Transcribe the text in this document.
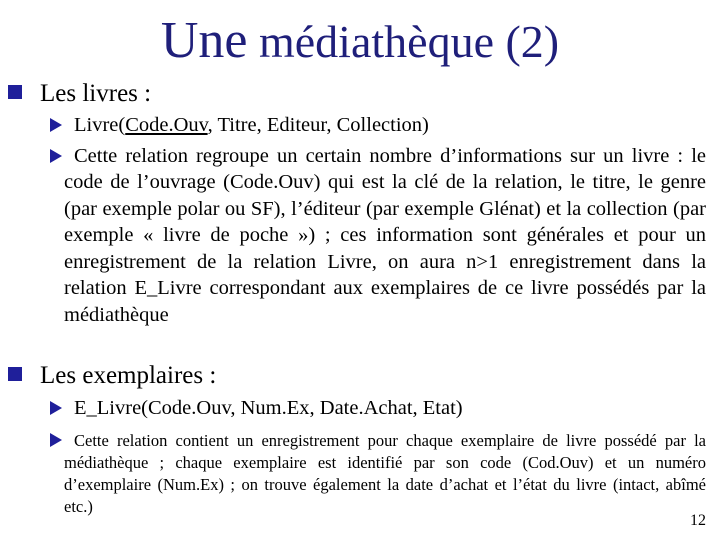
Une médiathèque (2)
Les livres :

Livre(Code.Ouv, Titre, Editeur, Collection)

Cette relation regroupe un certain nombre d’informations sur un livre : le code de l’ouvrage (Code.Ouv) qui est la clé de la relation, le titre, le genre (par exemple polar ou SF), l’éditeur (par exemple Glénat) et la collection (par exemple « livre de poche ») ; ces information sont générales et pour un enregistrement de la relation Livre, on aura n>1 enregistrement dans la relation E_Livre correspondant aux exemplaires de ce livre possédés par la médiathèque

Les exemplaires :

E_Livre(Code.Ouv, Num.Ex, Date.Achat, Etat)

Cette relation contient un enregistrement pour chaque exemplaire de livre possédé par la médiathèque ; chaque exemplaire est identifié par son code (Cod.Ouv) et un numéro d’exemplaire (Num.Ex) ; on trouve également la date d’achat et l’état du livre (intact, abîmé etc.)

12
